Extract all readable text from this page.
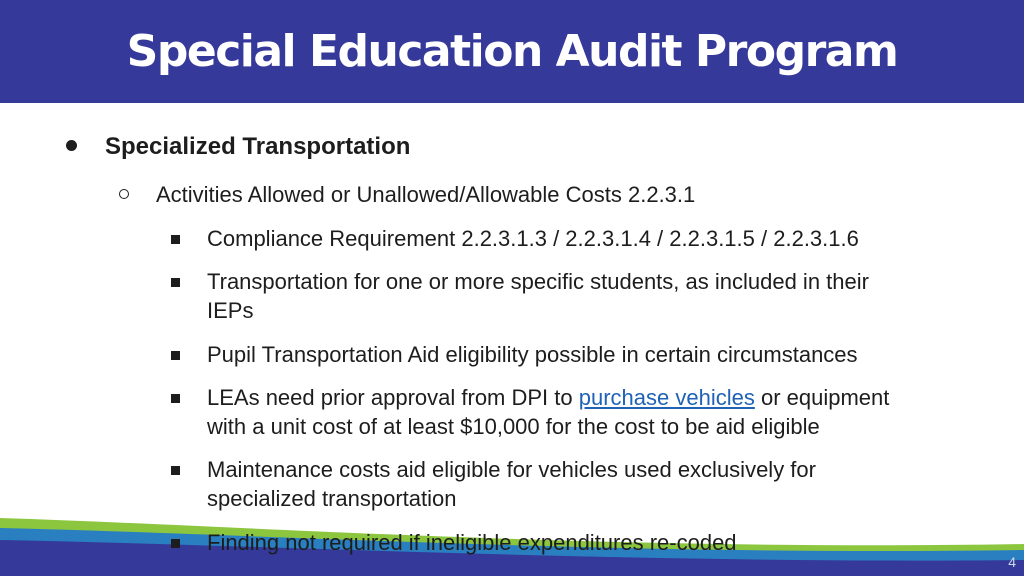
Special Education Audit Program
Specialized Transportation
Activities Allowed or Unallowed/Allowable Costs 2.2.3.1
Compliance Requirement 2.2.3.1.3 / 2.2.3.1.4 / 2.2.3.1.5 / 2.2.3.1.6
Transportation for one or more specific students, as included in their
IEPs
Pupil Transportation Aid eligibility possible in certain circumstances
LEAs need prior approval from DPI to purchase vehicles or equipment
with a unit cost of at least $10,000 for the cost to be aid eligible
Maintenance costs aid eligible for vehicles used exclusively for
specialized transportation
Finding not required if ineligible expenditures re-coded
4
